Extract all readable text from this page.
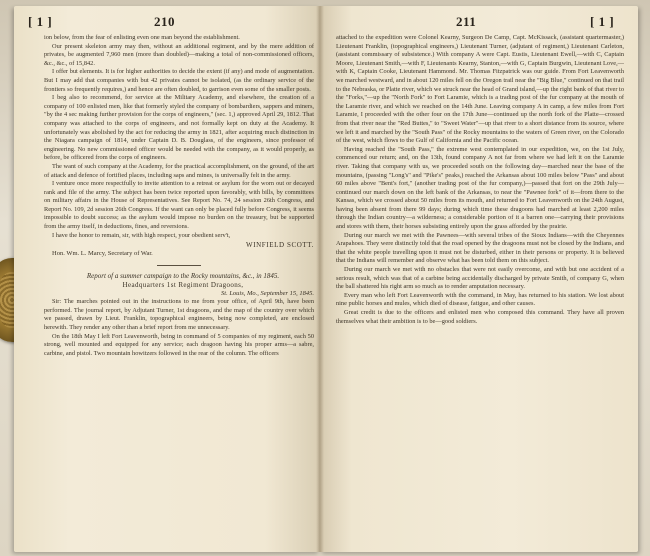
[ 1 ]	210

ion below, from the fear of enlisting even one man beyond the establishment.

Our present skeleton army may then, without an additional regiment, and by the mere addition of privates, be augmented 7,960 men (more than doubled)—making a total of non-commissioned officers, &c., &c., of 15,842.

I offer but elements. It is for higher authorities to decide the extent (if any) and mode of augmentation. But I may add that companies with but 42 privates cannot be isolated, (as the ordinary service of the frontiers so frequently requires,) and hence are often doubled, to garrison even some of the smaller posts.

I beg also to recommend, for service at the Military Academy, and elsewhere, the creation of a company of 100 enlisted men, like that formerly styled the company of bombardiers, sappers and miners, "by the 4 sec making further provision for the corps of engineers," (sec. 1,) approved April 29, 1812. That company was attached to the corps of engineers, and not formally kept on duty at the Academy. It unfortunately was abolished by the act for reducing the army in 1821, after acquiring much distinction in the Niagara campaign of 1814, under Captain D. B. Douglass, of the engineers, since professor of engineering. No new commissioned officer would be needed with the company, as it would properly, as before, be officered from the corps of engineers.

The want of such company at the Academy, for the practical accomplishment, on the ground, of the art of attack and defence of fortified places, including saps and mines, is universally felt in the army.

I venture once more respectfully to invite attention to a retreat or asylum for the worn out or decayed rank and file of the army. The subject has been twice reported upon favorably, with bills, by committees on military affairs in the House of Representatives. See Report No. 74, 24 session 26th Congress, and Report No. 109, 2d session 26th Congress. If the want can only be placed fully before Congress, it seems impossible to doubt success; as the asylum would impose no burden on the treasury, but be supported from the army itself, in deductions, fines, and reversions.

I have the honor to remain, sir, with high respect, your obedient serv't,

WINFIELD SCOTT.

Hon. Wm. L. Marcy, Secretary of War.

Report of a summer campaign to the Rocky mountains, &c., in 1845.

Headquarters 1st Regiment Dragoons,

St. Louis, Mo., September 15, 1845.

Sir: The marches pointed out in the instructions to me from your office, of April 9th, have been performed. The journal report, by Adjutant Turner, 1st dragoons, and the map of the country over which we passed, drawn by Lieut. Franklin, topographical engineers, being now completed, are enclosed herewith. They render any other than a brief report from me unnecessary.

On the 18th May I left Fort Leavenworth, being in command of 5 companies of my regiment, each 50 strong, well mounted and equipped for any service; each dragoon having his proper arms—a sabre, carbine, and pistol. Two mountain howitzers followed in the rear of the column. The officers

211	[ 1 ]

attached to the expedition were Colonel Kearny, Surgeon De Camp, Capt. McKissack, (assistant quartermaster,) Lieutenant Franklin, (topographical engineers,) Lieutenant Turner, (adjutant of regiment,) Lieutenant Carleton, (assistant commissary of subsistence.) With company A were Capt. Eustis, Lieutenant Ewell,—with C, Captain Moore, Lieutenant Smith,—with F, Lieutenants Kearny, Stanton,—with G, Captain Burgwin, Lieutenant Love,—with K, Captain Cooke, Lieutenant Hammond. Mr. Thomas Fitzpatrick was our guide. From Fort Leavenworth we marched westward, and in about 120 miles fell on the Oregon trail near the "Big Blue," continued on that trail to the Nebraska, or Platte river, which we struck near the head of Grand island,—up the right bank of that river to the "Forks,"—up the "North Fork" to Fort Laramie, which is a trading post of the fur company at the mouth of the Laramie river, and which we reached on the 14th June. Leaving company A in camp, a few miles from Fort Laramie, I proceeded with the other four on the 17th June—continued up the north fork of the Platte—crossed from that river near the "Red Buttes," to "Sweet Water"—up that river to a short distance from its source, where we left it and marched by the "South Pass" of the Rocky mountains to the waters of Green river, on the Colorado of the west, which flows to the Gulf of California and the Pacific ocean.

Having reached the "South Pass," the extreme west contemplated in our expedition, we, on the 1st July, commenced our return; and, on the 13th, found company A not far from where we had left it on the Laramie river. Taking that company with us, we proceeded south on the following day—marched near the base of the mountains, (passing "Long's" and "Pike's" peaks,) reached the Arkansas about 100 miles below "Pass" and about 60 miles above "Bent's fort," (another trading post of the fur company,)—passed that fort on the 29th July—continued our march down on the left bank of the Arkansas, to near the "Pawnee fork" of it—from there to the Kansas, which we crossed about 50 miles from its mouth, and returned to Fort Leavenworth on the 24th August, having been absent from there 99 days; during which time these dragoons had marched at least 2,200 miles through the Indian country—a wilderness; a considerable portion of it a barren one—carrying their provisions and stores with them, their horses subsisting entirely upon the grass afforded by the prairie.

During our march we met with the Pawnees—with several tribes of the Sioux Indians—with the Cheyennes Arapahoes. They were distinctly told that the road opened by the dragoons must not be closed by the Indians, and that the white people travelling upon it must not be disturbed, either in their persons or property. It is believed that the Indians will remember and observe what has been told them on this subject.

During our march we met with no obstacles that were not easily overcome, and with but one accident of a serious result, which was that of a carbine being accidentally discharged by private Smith, of company G, when the ball shattered his right arm so much as to render amputation necessary.

Every man who left Fort Leavenworth with the command, in May, has returned to his station. We lost about nine public horses and mules, which died of disease, fatigue, and other causes.

Great credit is due to the officers and enlisted men who composed this command. They have all proven themselves what their ambition is to be—good soldiers.
